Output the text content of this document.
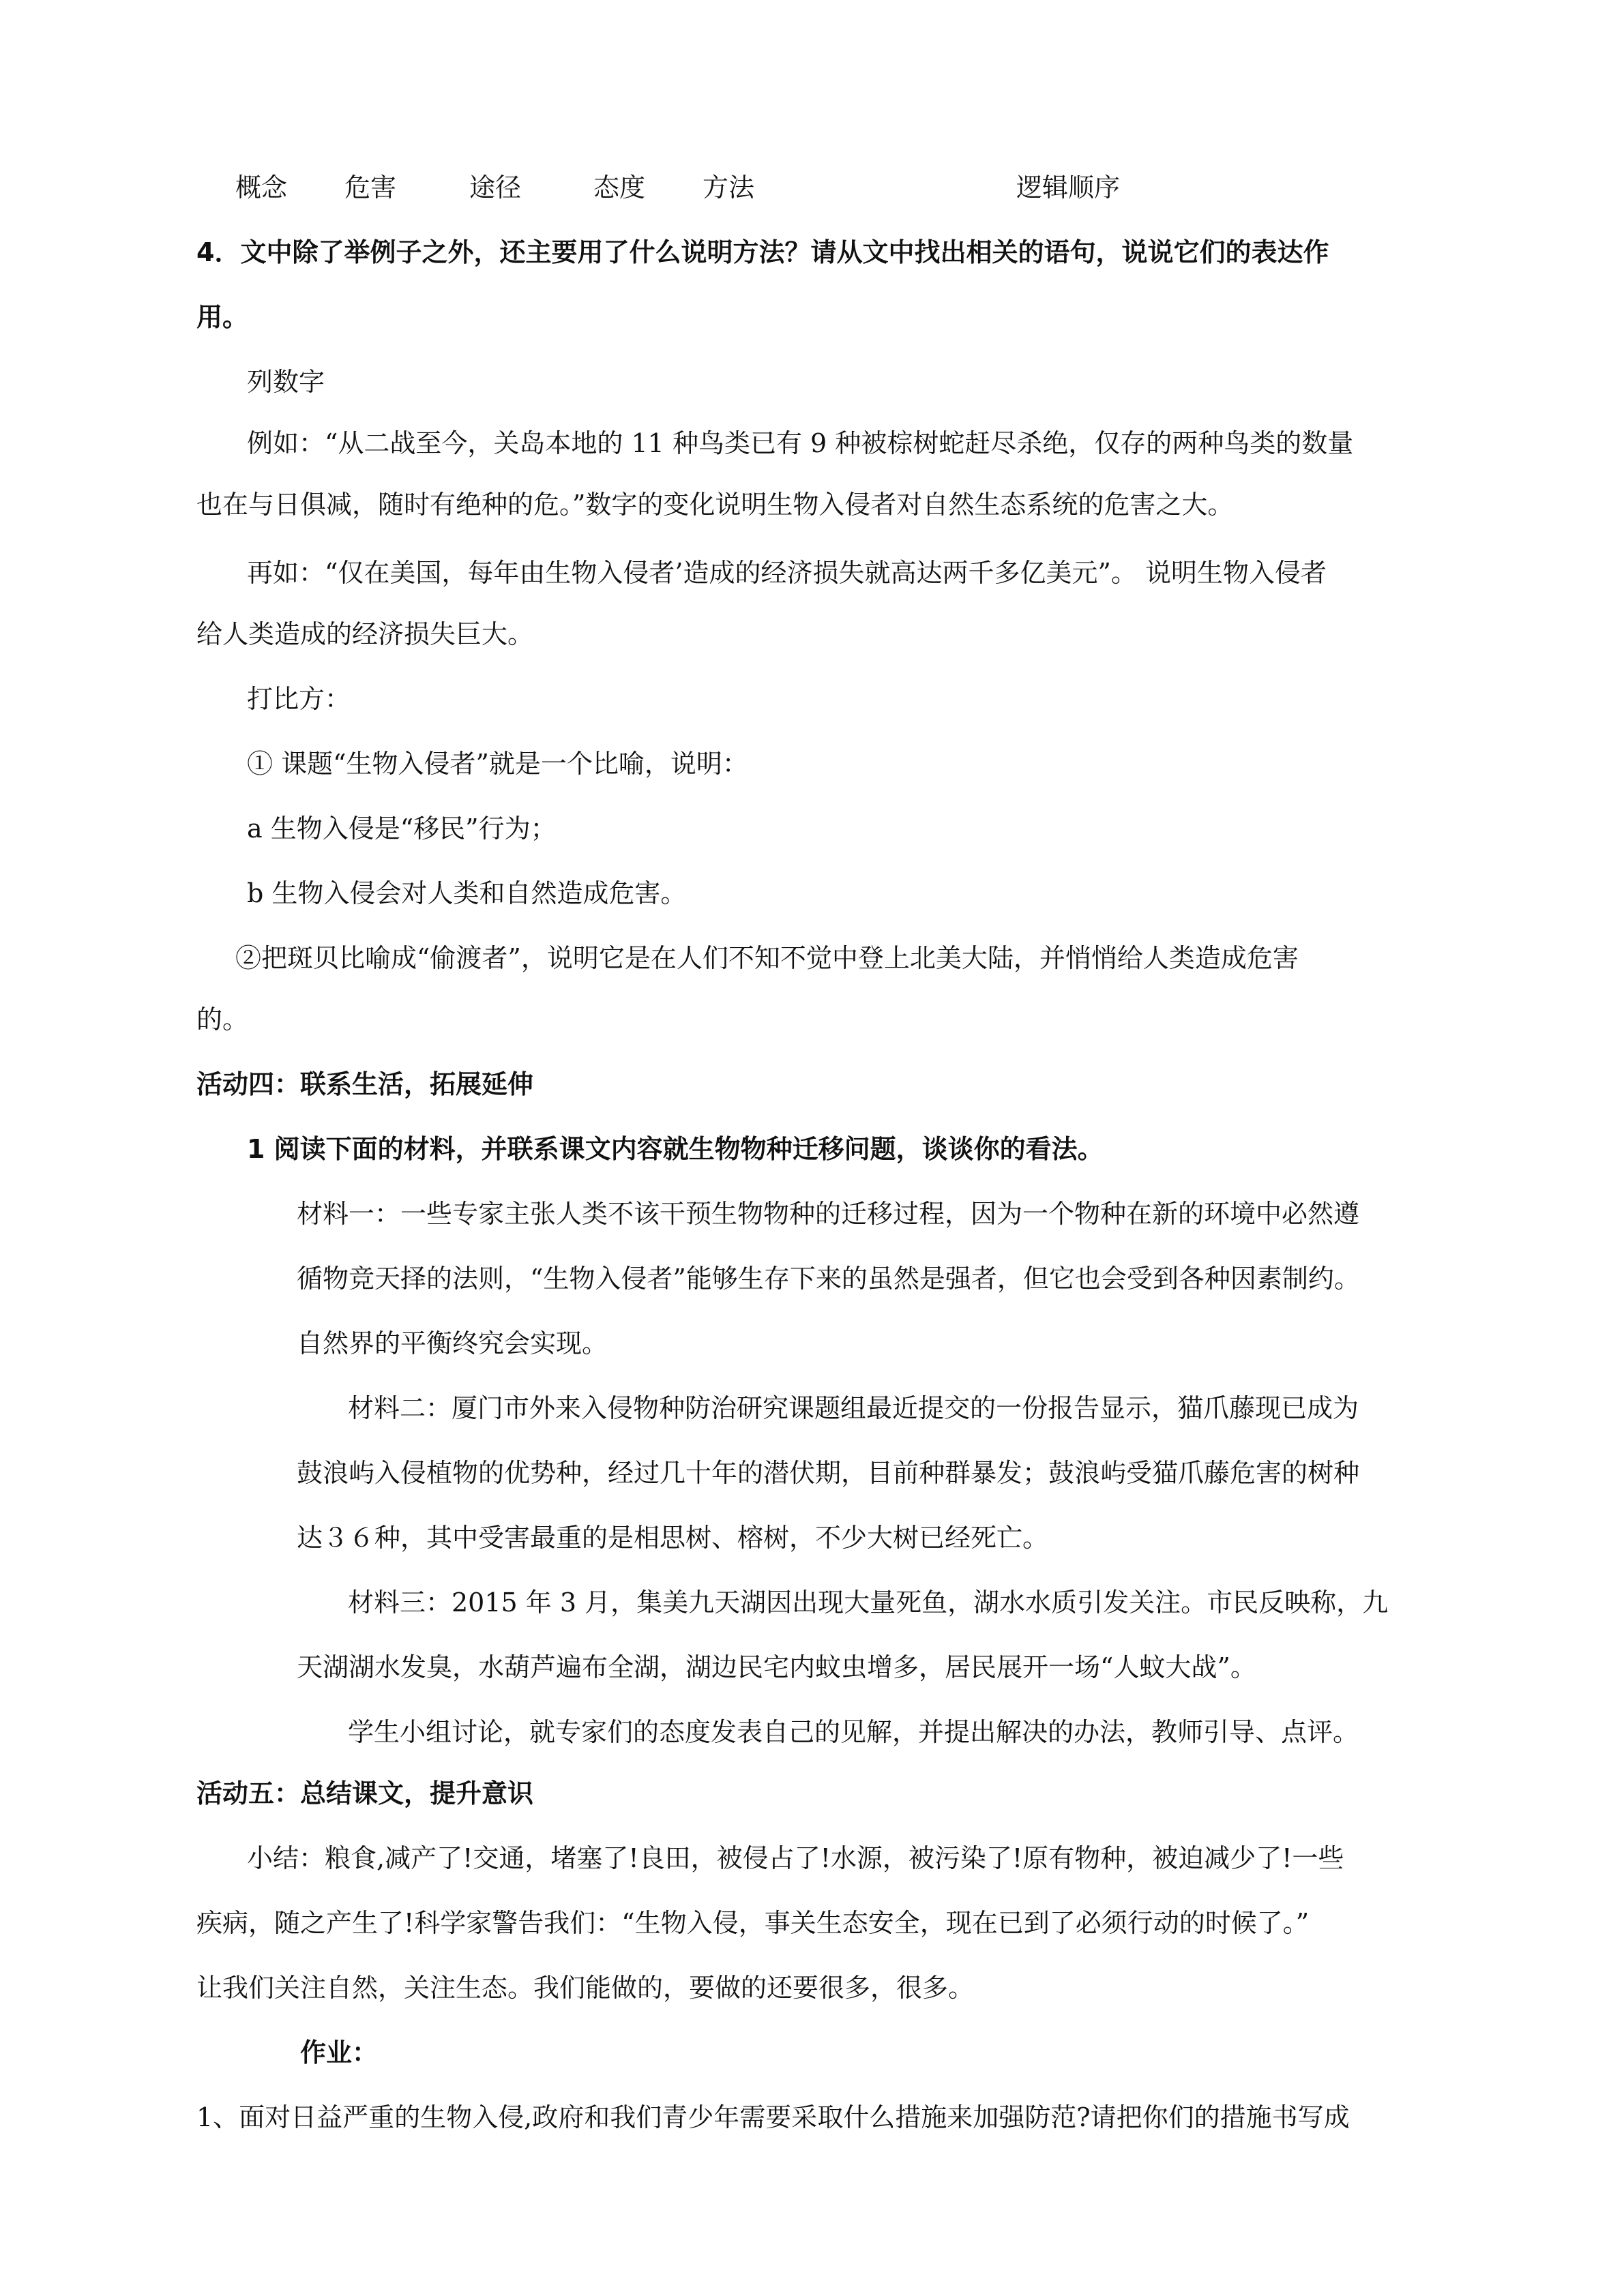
概念 危害	途径	态度 方法	逻辑顺序

4．文中除了举例子之外，还主要用了什么说明方法？请从文中找出相关的语句，说说它们的表达作

用。

列数字

例如：“从二战至今，关岛本地的 11 种鸟类已有 9 种被棕树蛇赶尽杀绝，仅存的两种鸟类的数量

也在与日俱减，随时有绝种的危。”数字的变化说明生物入侵者对自然生态系统的危害之大。

再如：“仅在美国，每年由生物入侵者’造成的经济损失就高达两千多亿美元”。 说明生物入侵者

给人类造成的经济损失巨大。

打比方：

① 课题“生物入侵者”就是一个比喻，说明：

a 生物入侵是“移民”行为；

b 生物入侵会对人类和自然造成危害。

②把斑贝比喻成“偷渡者”，说明它是在人们不知不觉中登上北美大陆，并悄悄给人类造成危害

的。

活动四：联系生活，拓展延伸

1 阅读下面的材料，并联系课文内容就生物物种迁移问题，谈谈你的看法。

材料一：一些专家主张人类不该干预生物物种的迁移过程，因为一个物种在新的环境中必然遵

循物竞天择的法则，“生物入侵者”能够生存下来的虽然是强者，但它也会受到各种因素制约。

自然界的平衡终究会实现。

材料二：厦门市外来入侵物种防治研究课题组最近提交的一份报告显示，猫爪藤现已成为

鼓浪屿入侵植物的优势种，经过几十年的潜伏期，目前种群暴发；鼓浪屿受猫爪藤危害的树种

达３６种，其中受害最重的是相思树、榕树，不少大树已经死亡。

材料三：2015 年 3 月，集美九天湖因出现大量死鱼，湖水水质引发关注。市民反映称，九

天湖湖水发臭，水葫芦遍布全湖，湖边民宅内蚊虫增多，居民展开一场“人蚊大战”。

学生小组讨论，就专家们的态度发表自己的见解，并提出解决的办法，教师引导、点评。

活动五：总结课文，提升意识

小结：粮食,减产了!交通，堵塞了!良田，被侵占了!水源，被污染了!原有物种，被迫减少了!一些

疾病，随之产生了!科学家警告我们：“生物入侵，事关生态安全，现在已到了必须行动的时候了。”

让我们关注自然，关注生态。我们能做的，要做的还要很多，很多。

作业：

1、面对日益严重的生物入侵,政府和我们青少年需要采取什么措施来加强防范?请把你们的措施书写成
